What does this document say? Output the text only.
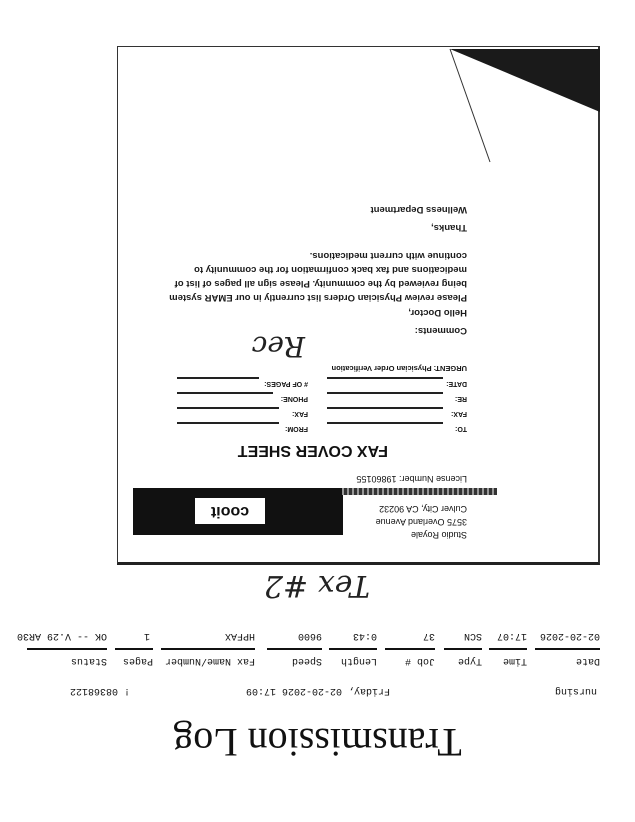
Transmission Log
nursing
Friday, 02-20-2026 17:09
! 08368122
Date
Time
Type
Job #
Length
Speed
Fax Name/Number
Pages
Status
02-20-2026
17:07
SCN
37
0:43
9600
HPFAX
1
OK -- V.29 AR30
Tex #2
cooit
Studio Royale
3575 Overland Avenue
Culver City, CA 90232
License Number: 19860155
FAX COVER SHEET
TO:
FAX:
RE:
DATE:
FROM:
FAX:
PHONE:
# OF PAGES:
URGENT: Physician Order Verification
Rec	Comments:
Hello Doctor,
Please review Physician Orders list currently in our EMAR system
being reviewed by the community. Please sign all pages of list of
medications and fax back confirmation for the community to
continue with current medications.
Thanks,
Wellness Department
